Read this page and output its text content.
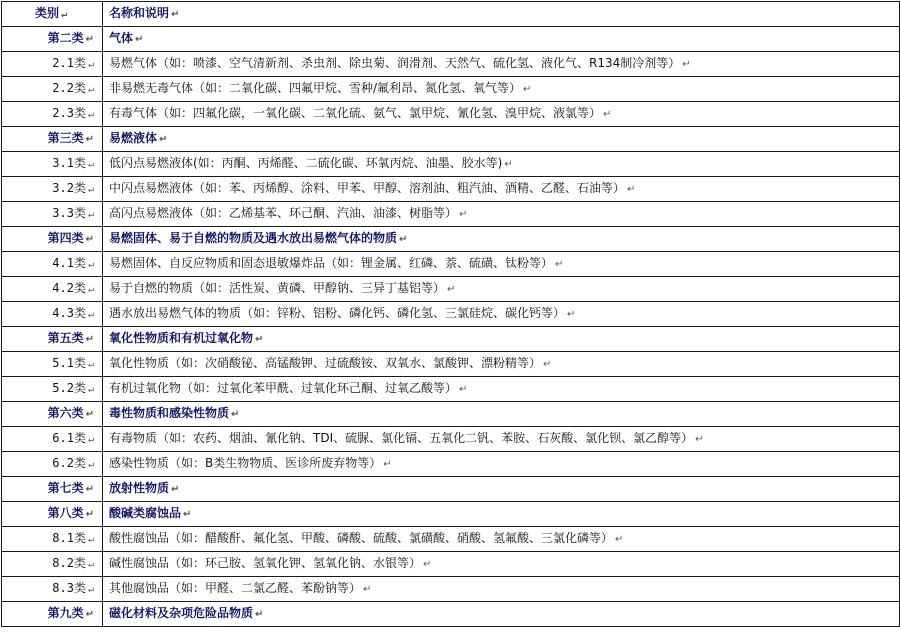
类别 ↵	名称和说明 ↵
第二类 ↵	气体 ↵
2.1类 ↵	易燃气体（如：喷漆、空气清新剂、杀虫剂、除虫菊、润滑剂、天然气、硫化氢、液化气、R134制冷剂等） ↵
2.2类 ↵	非易燃无毒气体（如：二氧化碳、四氟甲烷、雪种/氟利昂、氮化氢、氧气等） ↵
2.3类 ↵	有毒气体（如：四氟化碳，一氧化碳、二氧化硫、氨气、氯甲烷、氰化氢、溴甲烷、液氯等） ↵
第三类 ↵	易燃液体 ↵
3.1类 ↵	低闪点易燃液体(如：丙酮、丙烯醛、二硫化碳、环氧丙烷、油墨、胶水等) ↵
3.2类 ↵	中闪点易燃液体（如：苯、丙烯醇、涂料、甲苯、甲醇、溶剂油、粗汽油、酒精、乙醛、石油等） ↵
3.3类 ↵	高闪点易燃液体（如：乙烯基苯、环己酮、汽油、油漆、树脂等） ↵
第四类 ↵	易燃固体、易于自燃的物质及遇水放出易燃气体的物质 ↵
4.1类 ↵	易燃固体、自反应物质和固态退敏爆炸品（如：锂金属、红磷、萘、硫磺、钛粉等） ↵
4.2类 ↵	易于自燃的物质（如：活性炭、黄磷、甲醇钠、三异丁基铝等） ↵
4.3类 ↵	遇水放出易燃气体的物质（如：锌粉、铝粉、磷化钙、磷化氢、三氯硅烷、碳化钙等） ↵
第五类 ↵	氧化性物质和有机过氧化物 ↵
5.1类 ↵	氧化性物质（如：次硝酸铋、高锰酸钾、过硫酸铵、双氧水、氯酸钾、漂粉精等） ↵
5.2类 ↵	有机过氧化物（如：过氧化苯甲酰、过氧化环己酮、过氧乙酸等） ↵
第六类 ↵	毒性物质和感染性物质 ↵
6.1类 ↵	有毒物质（如：农药、烟油、氰化钠、TDI、硫脲、氯化镉、五氧化二钒、苯胺、石灰酸、氯化钡、氯乙醇等） ↵
6.2类 ↵	感染性物质（如：B类生物物质、医诊所废弃物等） ↵
第七类 ↵	放射性物质 ↵
第八类 ↵	酸碱类腐蚀品 ↵
8.1类 ↵	酸性腐蚀品（如：醋酸酐、氟化氢、甲酸、磷酸、硫酸、氯磺酸、硝酸、氢氟酸、三氯化磷等） ↵
8.2类 ↵	碱性腐蚀品（如：环己胺、氢氧化钾、氢氧化钠、水银等） ↵
8.3类 ↵	其他腐蚀品（如：甲醛、二氯乙醛、苯酚钠等） ↵
第九类 ↵	磁化材料及杂项危险品物质 ↵
